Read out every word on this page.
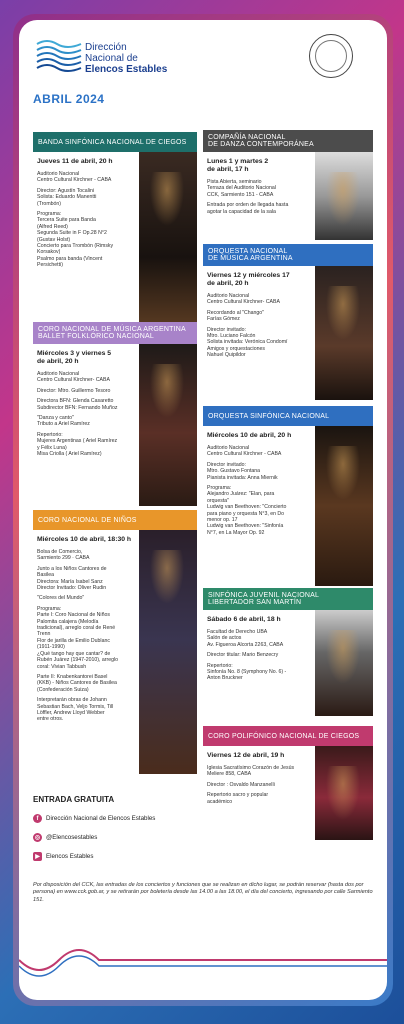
Dirección
Nacional de
Elencos Estables
ABRIL 2024
BANDA SINFÓNICA NACIONAL DE CIEGOS
Jueves 11 de abril, 20 h

Auditorio Nacional
Centro Cultural Kirchner - CABA

Director: Agustín Tocalini
Solista: Eduardo Manentti
(Trombón)

Programa:
Tercera Suite para Banda
(Alfred Reed)
Segunda Suite in F Op.28 N°2
(Gustav Holst)
Concierto para Trombón (Rimsky
Korsakov)
Psalmo para banda (Vincent
Persichetti)

CORO NACIONAL DE MÚSICA ARGENTINA
BALLET FOLKLÓRICO NACIONAL
Miércoles 3 y viernes 5
de abril, 20 h

Auditorio Nacional
Centro Cultural Kirchner- CABA

Director: Mtro. Guillermo Tesoro

Directora BFN: Glenda Casaretto
Subdirector BFN: Fernando Muñoz

"Danza y canto"
Tributo a Ariel Ramírez

Repertorio:
Mujeres Argentinas ( Ariel Ramírez
y Félix Luna)
Misa Criolla ( Ariel Ramírez)

CORO NACIONAL DE NIÑOS
Miércoles 10 de abril, 18:30 h

Bolsa de Comercio,
Sarmiento 299 · CABA

Junto a los Niños Cantores de
Basilea
Directora: María Isabel Sanz
Director Invitado: Oliver Rudin

"Colores del Mundo"

Programa:
Parte I: Coro Nacional de Niños
Palomita calajera (Melodía
tradicional), arreglo coral de René
Trenn
Flor de jarilla de Emilio Dublanc
(1911-1990)
¿Qué tango hay que cantar? de
Rubén Juárez (1947-2010), arreglo
coral: Vivian Tabbush

Parte II: Knabenkantorei Basel
(KKB) - Niños Cantores de Basilea
(Confederación Suiza)

Interpretarán obras de Johann
Sebastian Bach, Veljo Tormis, Till
Löffler, Andrew Lloyd Webber
entre otros.

COMPAÑÍA NACIONAL
DE DANZA CONTEMPORÁNEA
Lunes 1 y martes 2
de abril, 17 h

Pista Abierta, seminario
Terraza del Auditorio Nacional
CCK, Sarmiento 151 - CABA

Entrada por orden de llegada hasta
agotar la capacidad de la sala

ORQUESTA NACIONAL
DE MÚSICA ARGENTINA
Viernes 12 y miércoles 17
de abril, 20 h

Auditorio Nacional
Centro Cultural Kirchner- CABA

Recordando al "Chango"
Farías Gómez

Director invitado:
Mtro. Luciano Falcón
Solista invitada: Verónica Condomí
Amigos y orquestaciones
Nahuel Quipildor

ORQUESTA SINFÓNICA NACIONAL
Miércoles 10 de abril, 20 h

Auditorio Nacional
Centro Cultural Kirchner - CABA

Director invitado:
Mtro. Gustavo Fontana
Pianista invitada: Anna Miernik

Programa:
Alejandro Juárez: "Elan, para
orquesta"
Ludwig van Beethoven: "Concierto
para piano y orquesta N°3, en Do
menor op. 17
Ludwig van Beethoven: "Sinfonía
N°7, en La Mayor Op. 92

SINFÓNICA JUVENIL NACIONAL
LIBERTADOR SAN MARTÍN
Sábado 6 de abril, 18 h

Facultad de Derecho UBA
Salón de actos
Av. Figueroa Alcorta 2263, CABA

Director titular: Mario Benzecry

Repertorio:
Sinfonía No. 8 (Symphony No. 6) -
Anton Bruckner

CORO POLIFÓNICO NACIONAL DE CIEGOS
Viernes 12 de abril, 19 h

Iglesia Sacratísimo Corazón de Jesús
Meliere 858, CABA

Director : Osvaldo Manzanelli

Repertorio sacro y popular
académico

ENTRADA GRATUITA
f	Dirección Nacional de Elencos Estables
◎ @Elencosestables
▶ Elencos Estables
Por disposición del CCK, las entradas de los conciertos y funciones que se realizan en dicho lugar, se podrán reservar (hasta dos por persona) en www.cck.gob.ar, y se retirarán por boletería desde las 14.00 a las 18.00, el día del concierto, ingresando por calle Sarmiento 151.
